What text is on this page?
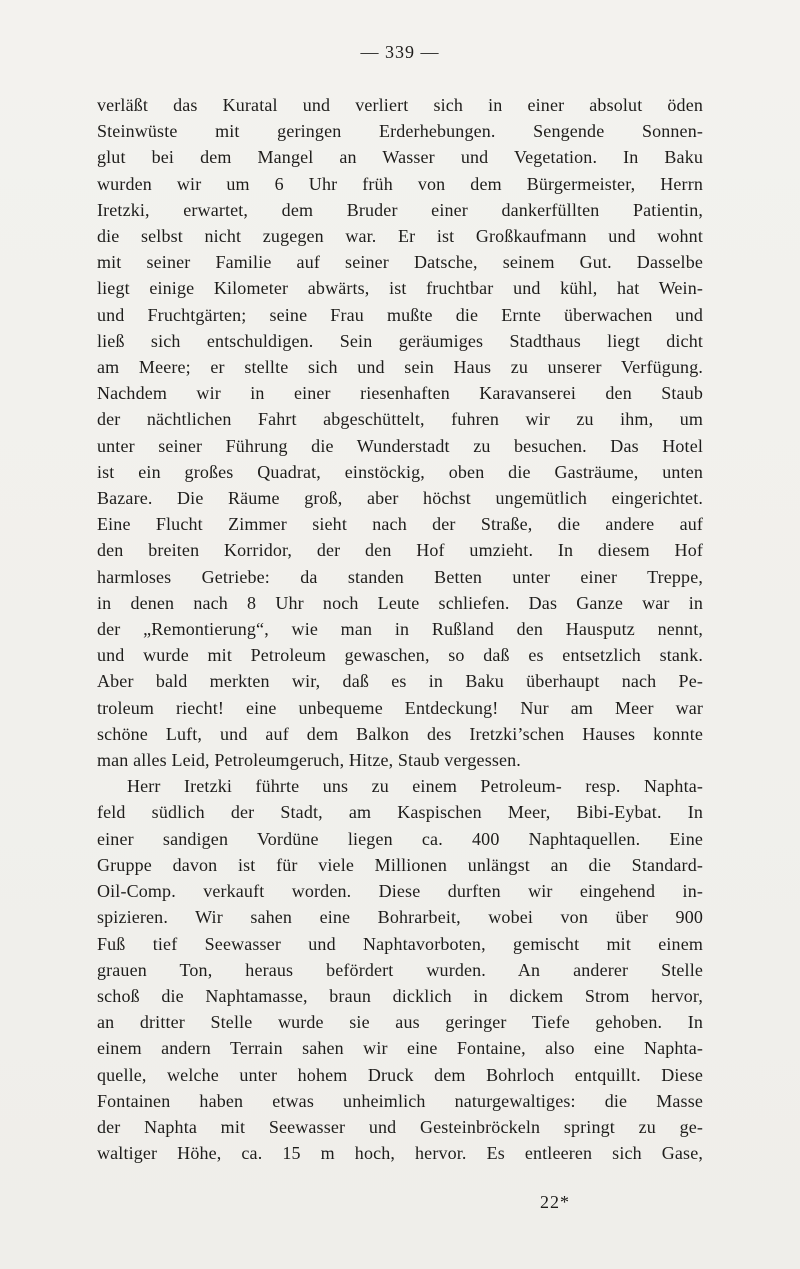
— 339 —
verläßt das Kuratal und verliert sich in einer absolut öden
Steinwüste mit geringen Erderhebungen. Sengende Sonnen-
glut bei dem Mangel an Wasser und Vegetation. In Baku
wurden wir um 6 Uhr früh von dem Bürgermeister, Herrn
Iretzki, erwartet, dem Bruder einer dankerfüllten Patientin,
die selbst nicht zugegen war. Er ist Großkaufmann und wohnt
mit seiner Familie auf seiner Datsche, seinem Gut. Dasselbe
liegt einige Kilometer abwärts, ist fruchtbar und kühl, hat Wein-
und Fruchtgärten; seine Frau mußte die Ernte überwachen und
ließ sich entschuldigen. Sein geräumiges Stadthaus liegt dicht
am Meere; er stellte sich und sein Haus zu unserer Verfügung.
Nachdem wir in einer riesenhaften Karavanserei den Staub
der nächtlichen Fahrt abgeschüttelt, fuhren wir zu ihm, um
unter seiner Führung die Wunderstadt zu besuchen. Das Hotel
ist ein großes Quadrat, einstöckig, oben die Gasträume, unten
Bazare. Die Räume groß, aber höchst ungemütlich eingerichtet.
Eine Flucht Zimmer sieht nach der Straße, die andere auf
den breiten Korridor, der den Hof umzieht. In diesem Hof
harmloses Getriebe: da standen Betten unter einer Treppe,
in denen nach 8 Uhr noch Leute schliefen. Das Ganze war in
der „Remontierung“, wie man in Rußland den Hausputz nennt,
und wurde mit Petroleum gewaschen, so daß es entsetzlich stank.
Aber bald merkten wir, daß es in Baku überhaupt nach Pe-
troleum riecht! eine unbequeme Entdeckung! Nur am Meer war
schöne Luft, und auf dem Balkon des Iretzki’schen Hauses konnte
man alles Leid, Petroleumgeruch, Hitze, Staub vergessen.
Herr Iretzki führte uns zu einem Petroleum- resp. Naphta-
feld südlich der Stadt, am Kaspischen Meer, Bibi-Eybat. In
einer sandigen Vordüne liegen ca. 400 Naphtaquellen. Eine
Gruppe davon ist für viele Millionen unlängst an die Standard-
Oil-Comp. verkauft worden. Diese durften wir eingehend in-
spizieren. Wir sahen eine Bohrarbeit, wobei von über 900
Fuß tief Seewasser und Naphtavorboten, gemischt mit einem
grauen Ton, heraus befördert wurden. An anderer Stelle
schoß die Naphtamasse, braun dicklich in dickem Strom hervor,
an dritter Stelle wurde sie aus geringer Tiefe gehoben. In
einem andern Terrain sahen wir eine Fontaine, also eine Naphta-
quelle, welche unter hohem Druck dem Bohrloch entquillt. Diese
Fontainen haben etwas unheimlich naturgewaltiges: die Masse
der Naphta mit Seewasser und Gesteinbröckeln springt zu ge-
waltiger Höhe, ca. 15 m hoch, hervor. Es entleeren sich Gase,
22*
